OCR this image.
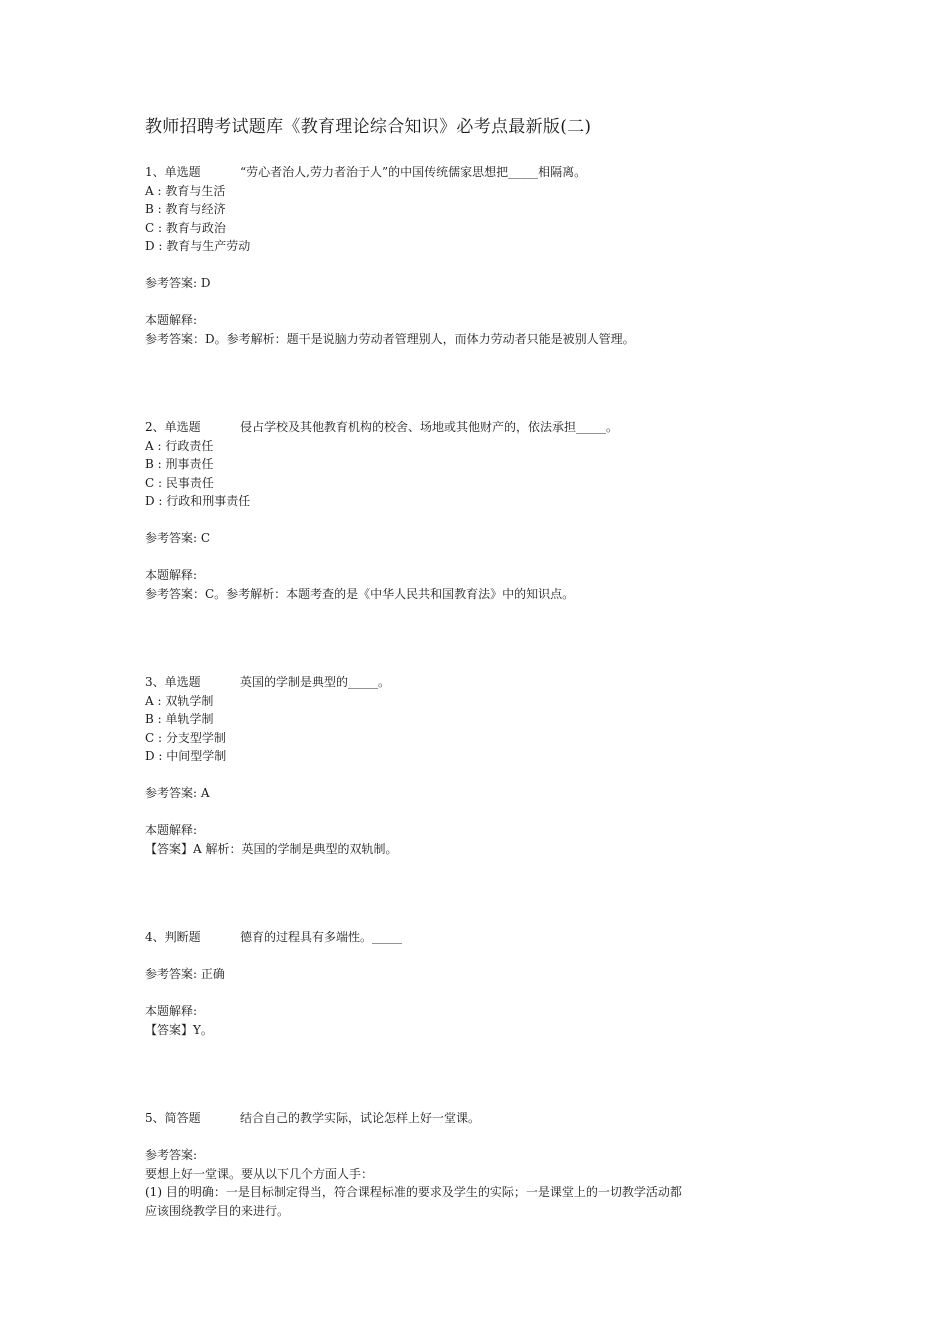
教师招聘考试题库《教育理论综合知识》必考点最新版(二)
1、单选题	“劳心者治人,劳力者治于人”的中国传统儒家思想把_____相隔离。
A : 教育与生活
B : 教育与经济
C : 教育与政治
D : 教育与生产劳动
参考答案: D
本题解释:
参考答案：D。参考解析：题干是说脑力劳动者管理别人，而体力劳动者只能是被别人管理。
2、单选题	侵占学校及其他教育机构的校舍、场地或其他财产的，依法承担_____。
A : 行政责任
B : 刑事责任
C : 民事责任
D : 行政和刑事责任
参考答案: C
本题解释:
参考答案：C。参考解析：本题考查的是《中华人民共和国教育法》中的知识点。
3、单选题	英国的学制是典型的_____。
A : 双轨学制
B : 单轨学制
C : 分支型学制
D : 中间型学制
参考答案: A
本题解释:
【答案】A 解析：英国的学制是典型的双轨制。
4、判断题	德育的过程具有多端性。_____
参考答案: 正确
本题解释:
【答案】Y。
5、简答题	结合自己的教学实际，试论怎样上好一堂课。
参考答案:
要想上好一堂课。要从以下几个方面人手：
(1) 目的明确：一是目标制定得当，符合课程标准的要求及学生的实际；一是课堂上的一切教学活动都
应该围绕教学目的来进行。
